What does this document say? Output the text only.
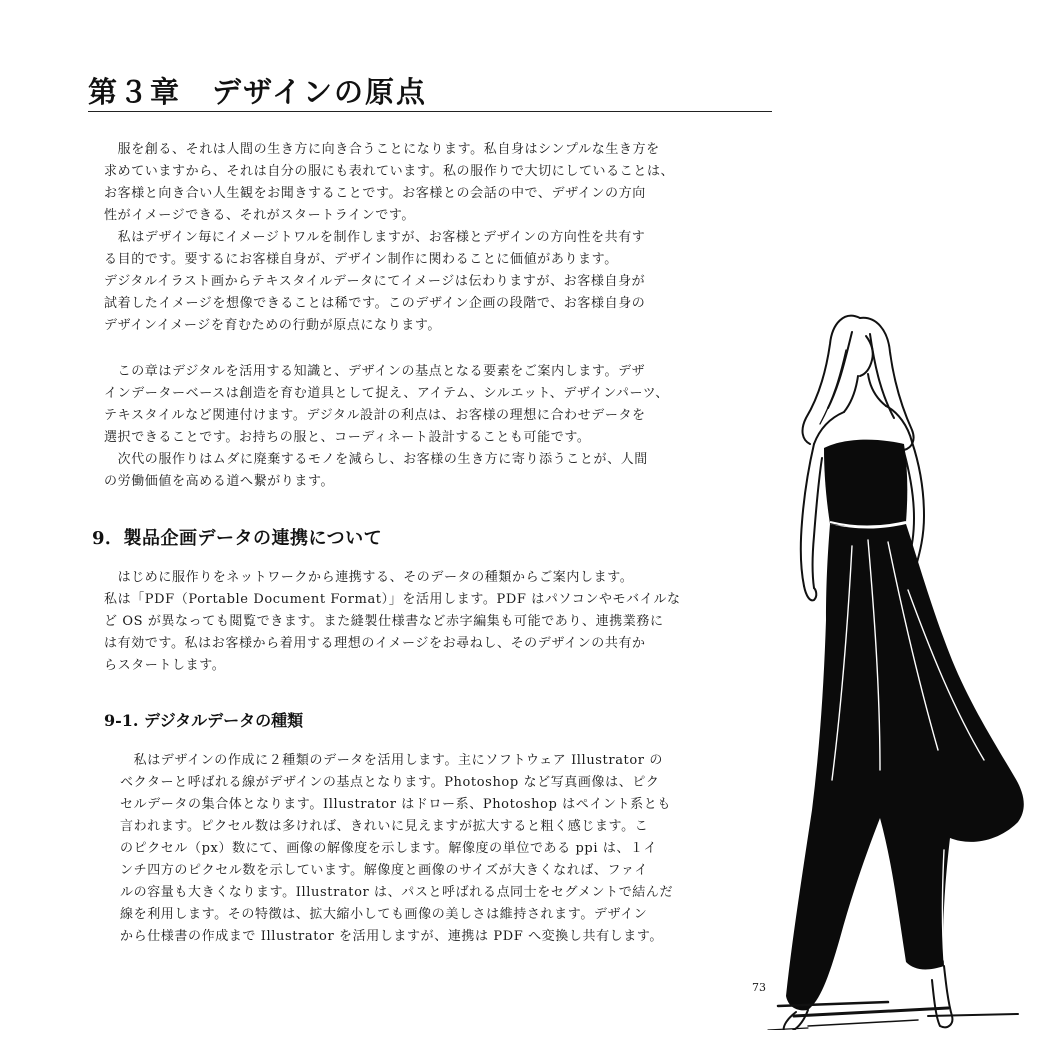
第３章　デザインの原点
　服を創る、それは人間の生き方に向き合うことになります。私自身はシンプルな生き方を
求めていますから、それは自分の服にも表れています。私の服作りで大切にしていることは、
お客様と向き合い人生観をお聞きすることです。お客様との会話の中で、デザインの方向
性がイメージできる、それがスタートラインです。
　私はデザイン毎にイメージトワルを制作しますが、お客様とデザインの方向性を共有す
る目的です。要するにお客様自身が、デザイン制作に関わることに価値があります。
デジタルイラスト画からテキスタイルデータにてイメージは伝わりますが、お客様自身が
試着したイメージを想像できることは稀です。このデザイン企画の段階で、お客様自身の
デザインイメージを育むための行動が原点になります。
　この章はデジタルを活用する知識と、デザインの基点となる要素をご案内します。デザ
インデーターベースは創造を育む道具として捉え、アイテム、シルエット、デザインパーツ、
テキスタイルなど関連付けます。デジタル設計の利点は、お客様の理想に合わせデータを
選択できることです。お持ちの服と、コーディネート設計することも可能です。
　次代の服作りはムダに廃棄するモノを減らし、お客様の生き方に寄り添うことが、人間
の労働価値を高める道へ繋がります。
9．製品企画データの連携について
　はじめに服作りをネットワークから連携する、そのデータの種類からご案内します。
私は「PDF（Portable Document Format）」を活用します。PDF はパソコンやモバイルな
ど OS が異なっても閲覧できます。また縫製仕様書など赤字編集も可能であり、連携業務に
は有効です。私はお客様から着用する理想のイメージをお尋ねし、そのデザインの共有か
らスタートします。
9-1. デジタルデータの種類
　私はデザインの作成に２種類のデータを活用します。主にソフトウェア Illustrator の
ベクターと呼ばれる線がデザインの基点となります。Photoshop など写真画像は、ピク
セルデータの集合体となります。Illustrator はドロー系、Photoshop はペイント系とも
言われます。ピクセル数は多ければ、きれいに見えますが拡大すると粗く感じます。こ
のピクセル（px）数にて、画像の解像度を示します。解像度の単位である ppi は、１イ
ンチ四方のピクセル数を示しています。解像度と画像のサイズが大きくなれば、ファイ
ルの容量も大きくなります。Illustrator は、パスと呼ばれる点同士をセグメントで結んだ
線を利用します。その特徴は、拡大縮小しても画像の美しさは維持されます。デザイン
から仕様書の作成まで Illustrator を活用しますが、連携は PDF へ変換し共有します。
73
